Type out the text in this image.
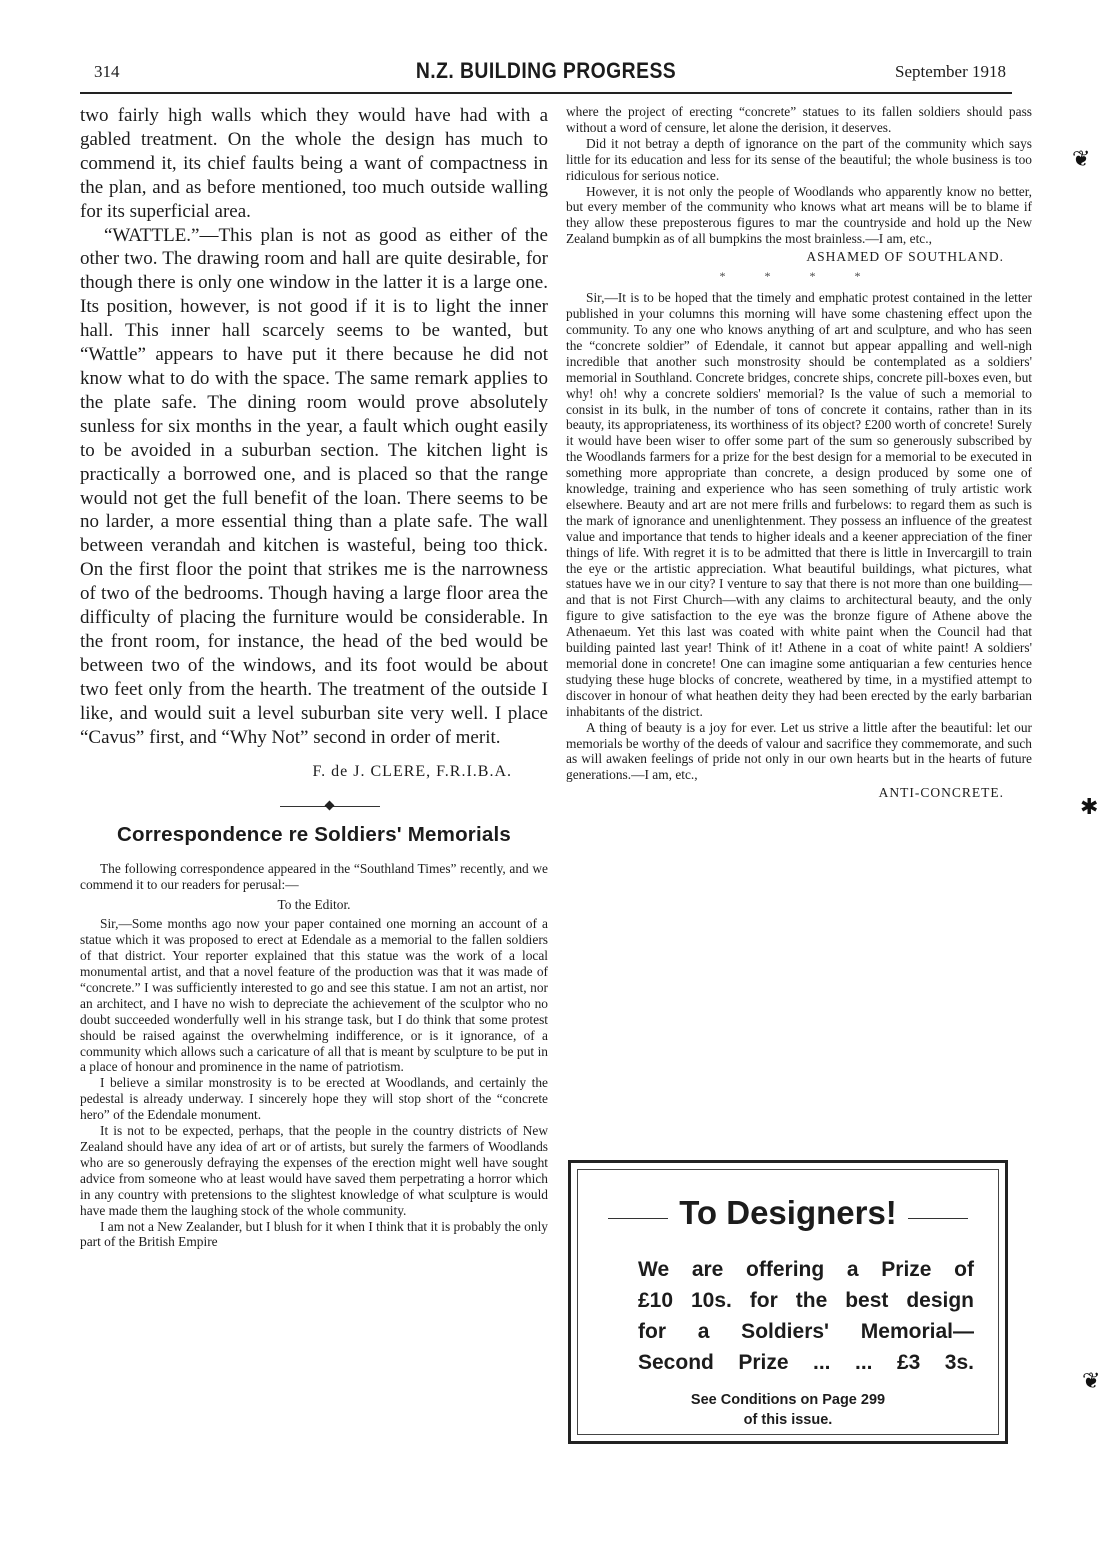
314	N.Z. BUILDING PROGRESS	September 1918

two fairly high walls which they would have had with a gabled treatment. On the whole the design has much to commend it, its chief faults being a want of compactness in the plan, and as before mentioned, too much outside walling for its superficial area.

“WATTLE.”—This plan is not as good as either of the other two. The drawing room and hall are quite desirable, for though there is only one window in the latter it is a large one. Its position, however, is not good if it is to light the inner hall. This inner hall scarcely seems to be wanted, but “Wattle” appears to have put it there because he did not know what to do with the space. The same remark applies to the plate safe. The dining room would prove absolutely sunless for six months in the year, a fault which ought easily to be avoided in a suburban section. The kitchen light is practically a borrowed one, and is placed so that the range would not get the full benefit of the loan. There seems to be no larder, a more essential thing than a plate safe. The wall between verandah and kitchen is wasteful, being too thick. On the first floor the point that strikes me is the narrowness of two of the bedrooms. Though having a large floor area the difficulty of placing the furniture would be considerable. In the front room, for instance, the head of the bed would be between two of the windows, and its foot would be about two feet only from the hearth. The treatment of the outside I like, and would suit a level suburban site very well. I place “Cavus” first, and “Why Not” second in order of merit.

F. de J. CLERE, F.R.I.B.A.
Correspondence re Soldiers' Memorials

The following correspondence appeared in the “Southland Times” recently, and we commend it to our readers for perusal:—

To the Editor.

Sir,—Some months ago now your paper contained one morning an account of a statue which it was proposed to erect at Edendale as a memorial to the fallen soldiers of that district. Your reporter explained that this statue was the work of a local monumental artist, and that a novel feature of the production was that it was made of “concrete.” I was sufficiently interested to go and see this statue. I am not an artist, nor an architect, and I have no wish to depreciate the achievement of the sculptor who no doubt succeeded wonderfully well in his strange task, but I do think that some protest should be raised against the overwhelming indifference, or is it ignorance, of a community which allows such a caricature of all that is meant by sculpture to be put in a place of honour and prominence in the name of patriotism.

I believe a similar monstrosity is to be erected at Woodlands, and certainly the pedestal is already underway. I sincerely hope they will stop short of the “concrete hero” of the Edendale monument.

It is not to be expected, perhaps, that the people in the country districts of New Zealand should have any idea of art or of artists, but surely the farmers of Woodlands who are so generously defraying the expenses of the erection might well have sought advice from someone who at least would have saved them perpetrating a horror which in any country with pretensions to the slightest knowledge of what sculpture is would have made them the laughing stock of the whole community.

I am not a New Zealander, but I blush for it when I think that it is probably the only part of the British Empire

where the project of erecting “concrete” statues to its fallen soldiers should pass without a word of censure, let alone the derision, it deserves.

Did it not betray a depth of ignorance on the part of the community which says little for its education and less for its sense of the beautiful; the whole business is too ridiculous for serious notice.

However, it is not only the people of Woodlands who apparently know no better, but every member of the community who knows what art means will be to blame if they allow these preposterous figures to mar the countryside and hold up the New Zealand bumpkin as of all bumpkins the most brainless.—I am, etc.,

ASHAMED OF SOUTHLAND.
* * * *

Sir,—It is to be hoped that the timely and emphatic protest contained in the letter published in your columns this morning will have some chastening effect upon the community. To any one who knows anything of art and sculpture, and who has seen the “concrete soldier” of Edendale, it cannot but appear appalling and well-nigh incredible that another such monstrosity should be contemplated as a soldiers' memorial in Southland. Concrete bridges, concrete ships, concrete pill-boxes even, but why! oh! why a concrete soldiers' memorial? Is the value of such a memorial to consist in its bulk, in the number of tons of concrete it contains, rather than in its beauty, its appropriateness, its worthiness of its object? £200 worth of concrete! Surely it would have been wiser to offer some part of the sum so generously subscribed by the Woodlands farmers for a prize for the best design for a memorial to be executed in something more appropriate than concrete, a design produced by some one of knowledge, training and experience who has seen something of truly artistic work elsewhere. Beauty and art are not mere frills and furbelows: to regard them as such is the mark of ignorance and unenlightenment. They possess an influence of the greatest value and importance that tends to higher ideals and a keener appreciation of the finer things of life. With regret it is to be admitted that there is little in Invercargill to train the eye or the artistic appreciation. What beautiful buildings, what pictures, what statues have we in our city? I venture to say that there is not more than one building—and that is not First Church—with any claims to architectural beauty, and the only figure to give satisfaction to the eye was the bronze figure of Athene above the Athenaeum. Yet this last was coated with white paint when the Council had that building painted last year! Think of it! Athene in a coat of white paint! A soldiers' memorial done in concrete! One can imagine some antiquarian a few centuries hence studying these huge blocks of concrete, weathered by time, in a mystified attempt to discover in honour of what heathen deity they had been erected by the early barbarian inhabitants of the district.

A thing of beauty is a joy for ever. Let us strive a little after the beautiful: let our memorials be worthy of the deeds of valour and sacrifice they commemorate, and such as will awaken feelings of pride not only in our own hearts but in the hearts of future generations.—I am, etc.,

ANTI-CONCRETE.
To Designers!
We are offering a Prize of
£10 10s. for the best design
for a Soldiers' Memorial—
Second Prize ... ... £3 3s.
See Conditions on Page 299
of this issue.
❦
✱
❦
